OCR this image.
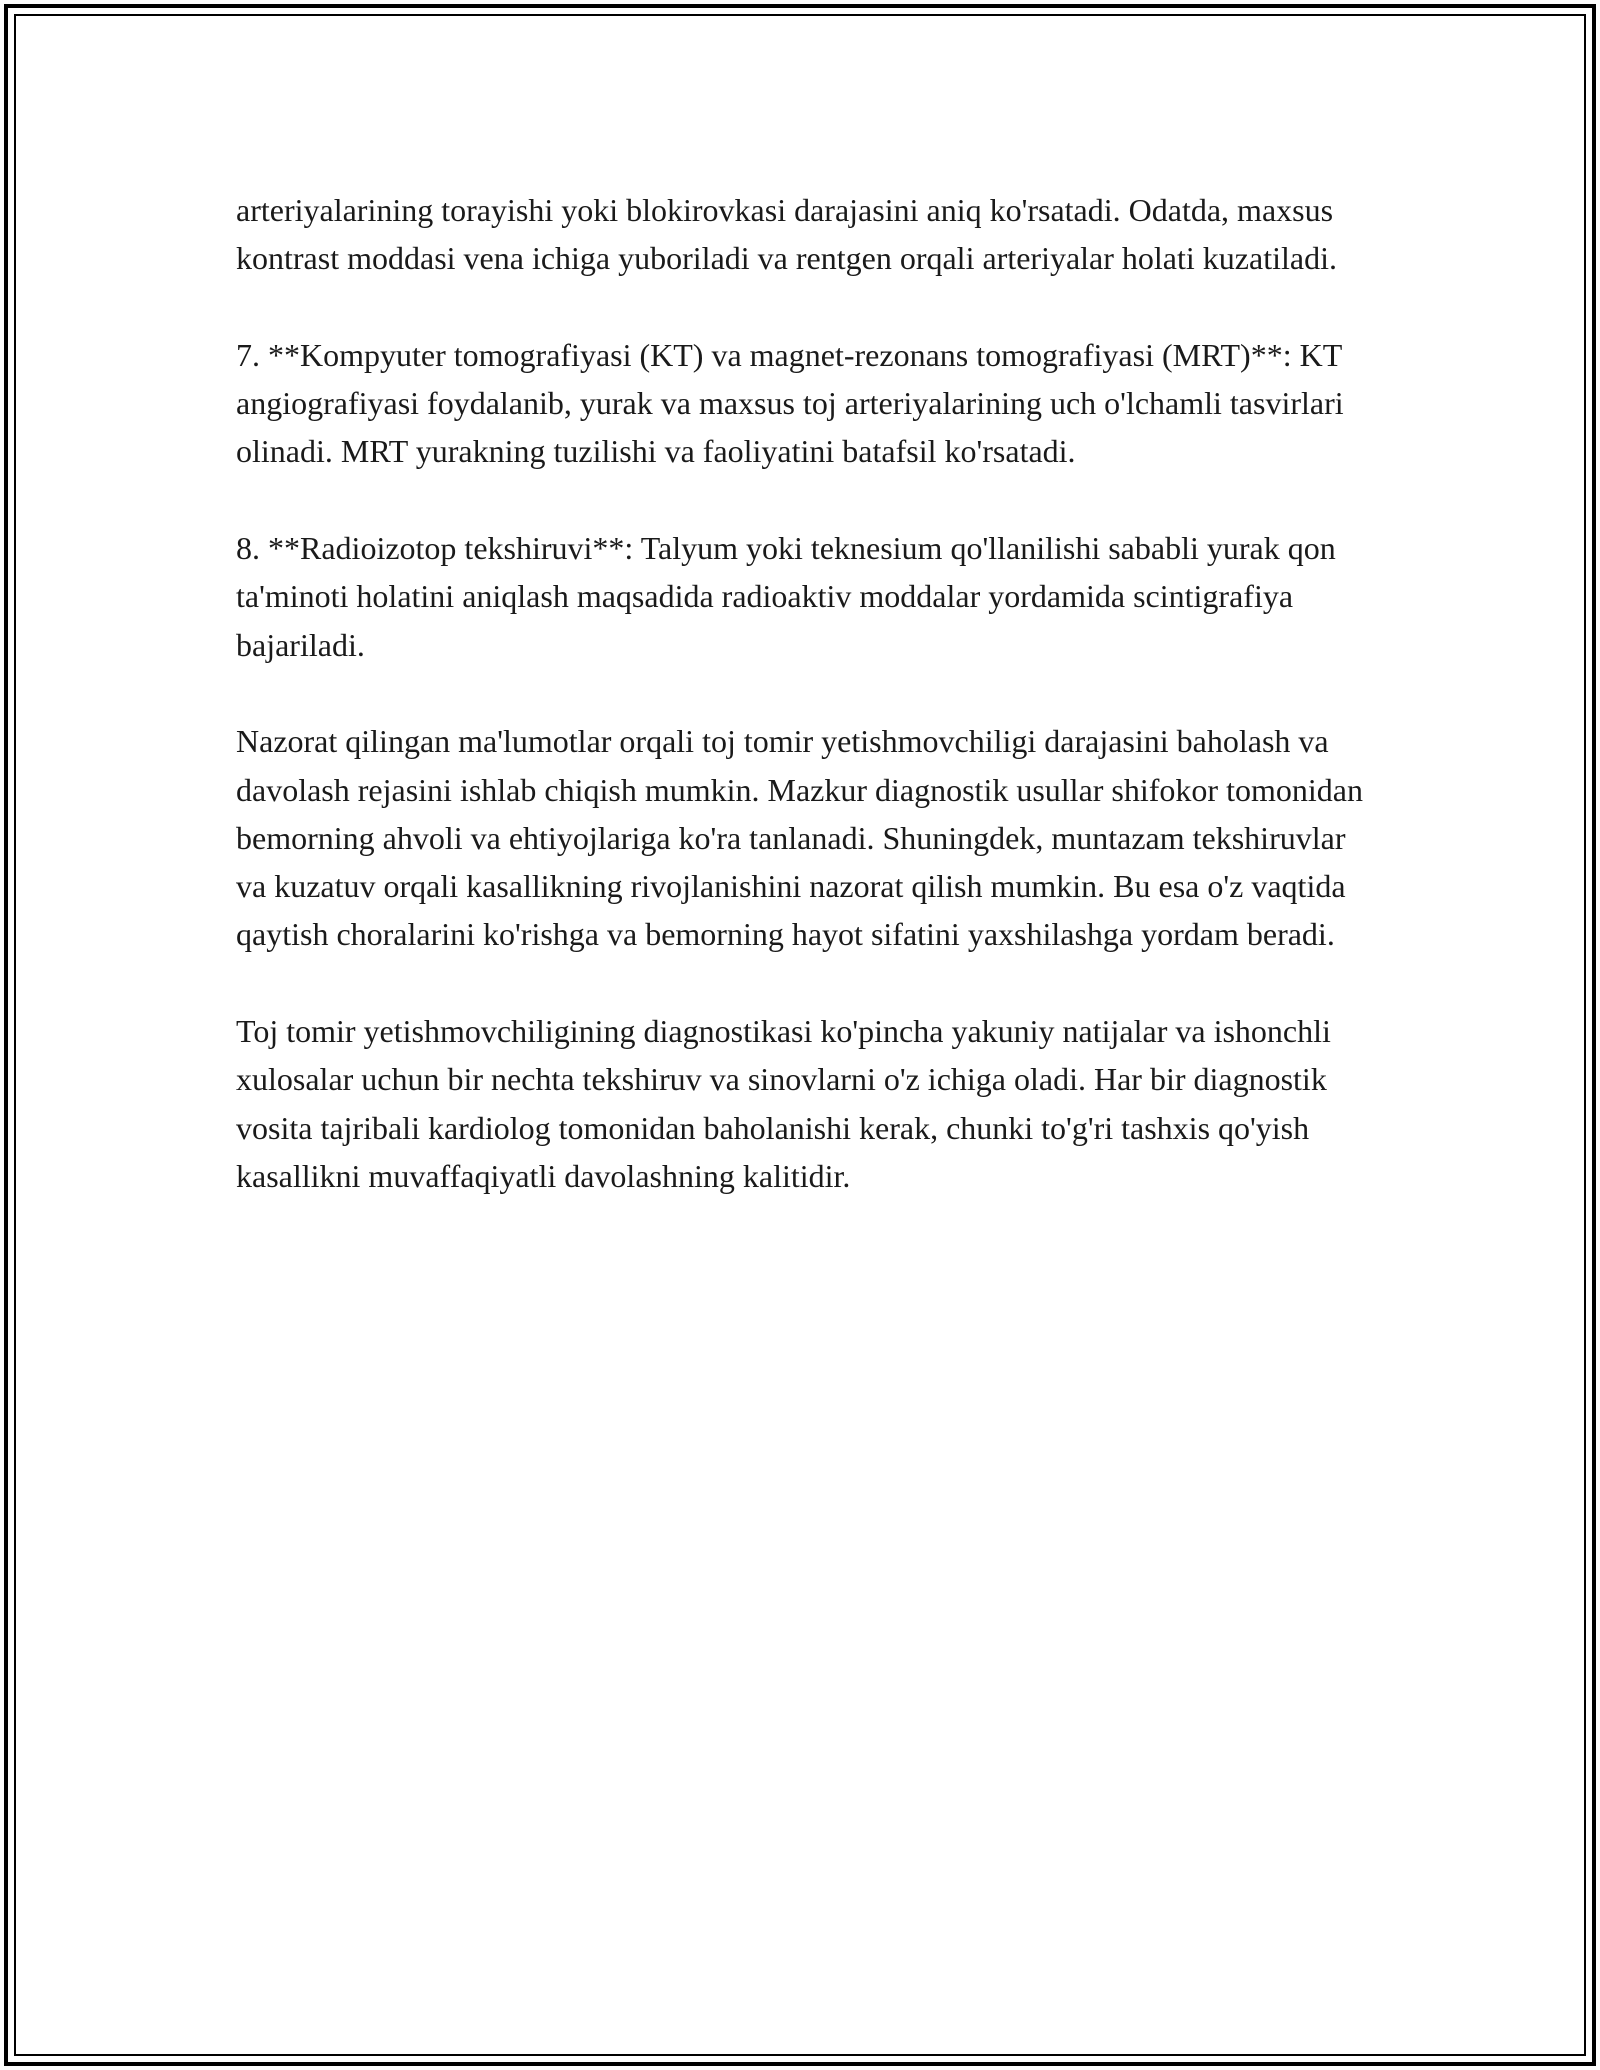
arteriyalarining torayishi yoki blokirovkasi darajasini aniq ko'rsatadi. Odatda, maxsus kontrast moddasi vena ichiga yuboriladi va rentgen orqali arteriyalar holati kuzatiladi.

7. **Kompyuter tomografiyasi (KT) va magnet-rezonans tomografiyasi (MRT)**: KT angiografiyasi foydalanib, yurak va maxsus toj arteriyalarining uch o'lchamli tasvirlari olinadi. MRT yurakning tuzilishi va faoliyatini batafsil ko'rsatadi.

8. **Radioizotop tekshiruvi**: Talyum yoki teknesium qo'llanilishi sababli yurak qon ta'minoti holatini aniqlash maqsadida radioaktiv moddalar yordamida scintigrafiya bajariladi.

Nazorat qilingan ma'lumotlar orqali toj tomir yetishmovchiligi darajasini baholash va davolash rejasini ishlab chiqish mumkin. Mazkur diagnostik usullar shifokor tomonidan bemorning ahvoli va ehtiyojlariga ko'ra tanlanadi. Shuningdek, muntazam tekshiruvlar va kuzatuv orqali kasallikning rivojlanishini nazorat qilish mumkin. Bu esa o'z vaqtida qaytish choralarini ko'rishga va bemorning hayot sifatini yaxshilashga yordam beradi.

Toj tomir yetishmovchiligining diagnostikasi ko'pincha yakuniy natijalar va ishonchli xulosalar uchun bir nechta tekshiruv va sinovlarni o'z ichiga oladi. Har bir diagnostik vosita tajribali kardiolog tomonidan baholanishi kerak, chunki to'g'ri tashxis qo'yish kasallikni muvaffaqiyatli davolashning kalitidir.
